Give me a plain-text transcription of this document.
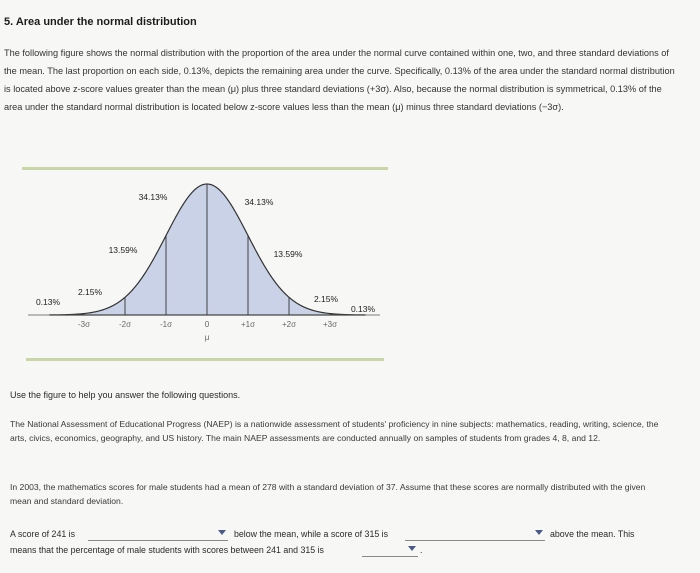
5. Area under the normal distribution
The following figure shows the normal distribution with the proportion of the area under the normal curve contained within one, two, and three standard deviations of the mean. The last proportion on each side, 0.13%, depicts the remaining area under the curve. Specifically, 0.13% of the area under the standard normal distribution is located above z-score values greater than the mean (μ) plus three standard deviations (+3σ). Also, because the normal distribution is symmetrical, 0.13% of the area under the standard normal distribution is located below z-score values less than the mean (μ) minus three standard deviations (−3σ).
0.13%
2.15%
13.59%
34.13%	34.13%
13.59%
2.15%
0.13%
-3σ	-2σ	-1σ	0	+1σ	+2σ	+3σ
μ
Use the figure to help you answer the following questions.
The National Assessment of Educational Progress (NAEP) is a nationwide assessment of students' proficiency in nine subjects: mathematics, reading, writing, science, the arts, civics, economics, geography, and US history. The main NAEP assessments are conducted annually on samples of students from grades 4, 8, and 12.
In 2003, the mathematics scores for male students had a mean of 278 with a standard deviation of 37. Assume that these scores are normally distributed with the given mean and standard deviation.
A score of 241 is	below the mean, while a score of 315 is	above the mean. This
means that the percentage of male students with scores between 241 and 315 is	.
